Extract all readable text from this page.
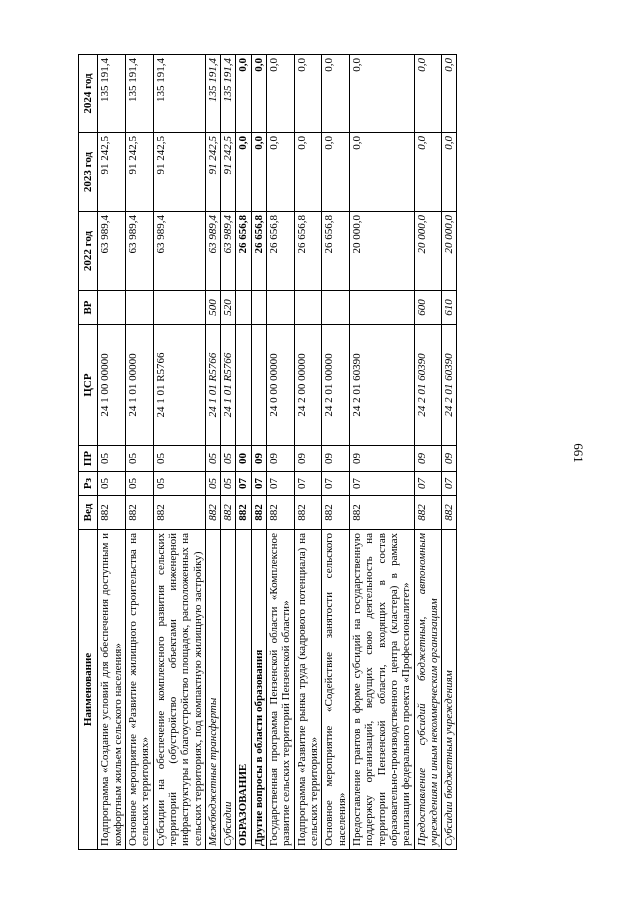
661
Наименование	Вед	Рз	ПР	ЦСР	ВР	2022 год	2023 год	2024 год
Подпрограмма «Создание условий для обеспечения доступным и комфортным жильем сельского населения»	882	05	05	24 1 00 00000		63 989,4	91 242,5	135 191,4
Основное мероприятие «Развитие жилищного строительства на сельских территориях»	882	05	05	24 1 01 00000		63 989,4	91 242,5	135 191,4
Субсидии на обеспечение комплексного развития сельских территорий (обустройство объектами инженерной инфраструктуры и благоустройство площадок, расположенных на сельских территориях, под компактную жилищную застройку)	882	05	05	24 1 01 R5766		63 989,4	91 242,5	135 191,4
Межбюджетные трансферты	882	05	05	24 1 01 R5766	500	63 989,4	91 242,5	135 191,4
Субсидии	882	05	05	24 1 01 R5766	520	63 989,4	91 242,5	135 191,4
ОБРАЗОВАНИЕ	882	07	00			26 656,8	0,0	0,0
Другие вопросы в области образования	882	07	09			26 656,8	0,0	0,0
Государственная программа Пензенской области «Комплексное развитие сельских территорий Пензенской области»	882	07	09	24 0 00 00000		26 656,8	0,0	0,0
Подпрограмма «Развитие рынка труда (кадрового потенциала) на сельских территориях»	882	07	09	24 2 00 00000		26 656,8	0,0	0,0
Основное мероприятие «Содействие занятости сельского населения»	882	07	09	24 2 01 00000		26 656,8	0,0	0,0
Предоставление грантов в форме субсидий на государственную поддержку организаций, ведущих свою деятельность на территории Пензенской области, входящих в состав образовательно-производственного центра (кластера) в рамках реализации федерального проекта «Профессионалитет»	882	07	09	24 2 01 60390		20 000,0	0,0	0,0
Предоставление субсидий бюджетным, автономным учреждениям и иным некоммерческим организациям	882	07	09	24 2 01 60390	600	20 000,0	0,0	0,0
Субсидии бюджетным учреждениям	882	07	09	24 2 01 60390	610	20 000,0	0,0	0,0
